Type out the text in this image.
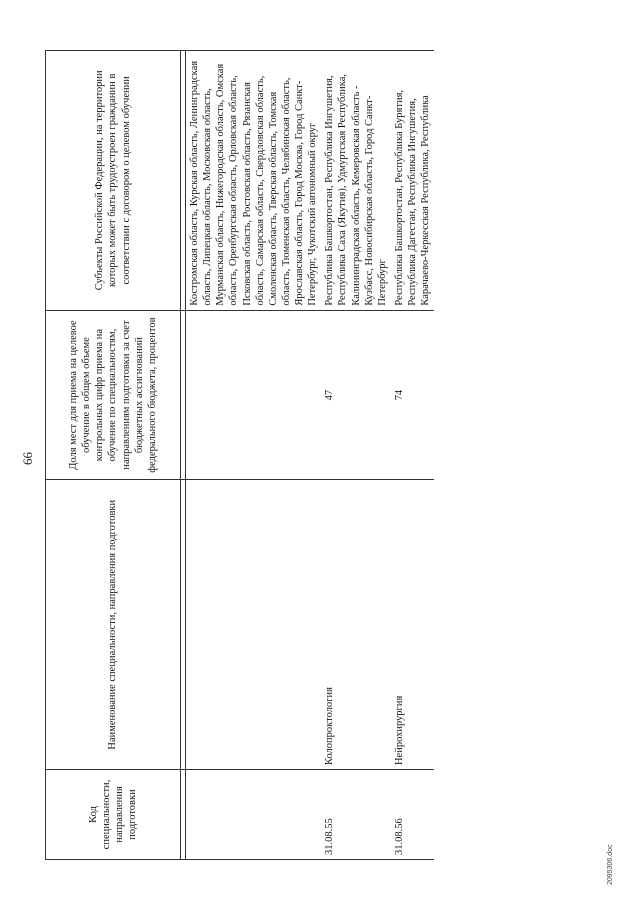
66
Код специальности, направления подготовки	Наименование специальности, направления подготовки	Доля мест для приема на целевое обучение в общем объеме контрольных цифр приема на обучение по специальностям, направлениям подготовки за счет бюджетных ассигнований федерального бюджета, процентов	Субъекты Российской Федерации, на территории которых может быть трудоустроен гражданин в соответствии с договором о целевом обучении

			Костромская область, Курская область, Ленинградская область, Липецкая область, Московская область, Мурманская область, Нижегородская область, Омская область, Оренбургская область, Орловская область, Псковская область, Ростовская область, Рязанская область, Самарская область, Свердловская область, Смоленская область, Тверская область, Томская область, Тюменская область, Челябинская область, Ярославская область, Город Москва, Город Санкт-Петербург, Чукотский автономный округ
31.08.55	Колопроктология	47	Республика Башкортостан, Республика Ингушетия, Республика Саха (Якутия), Удмуртская Республика, Калининградская область, Кемеровская область - Кузбасс, Новосибирская область, Город Санкт-Петербург
31.08.56	Нейрохирургия	74	Республика Башкортостан, Республика Бурятия, Республика Дагестан, Республика Ингушетия, Карачаево-Черкесская Республика, Республика
2095306.doc
